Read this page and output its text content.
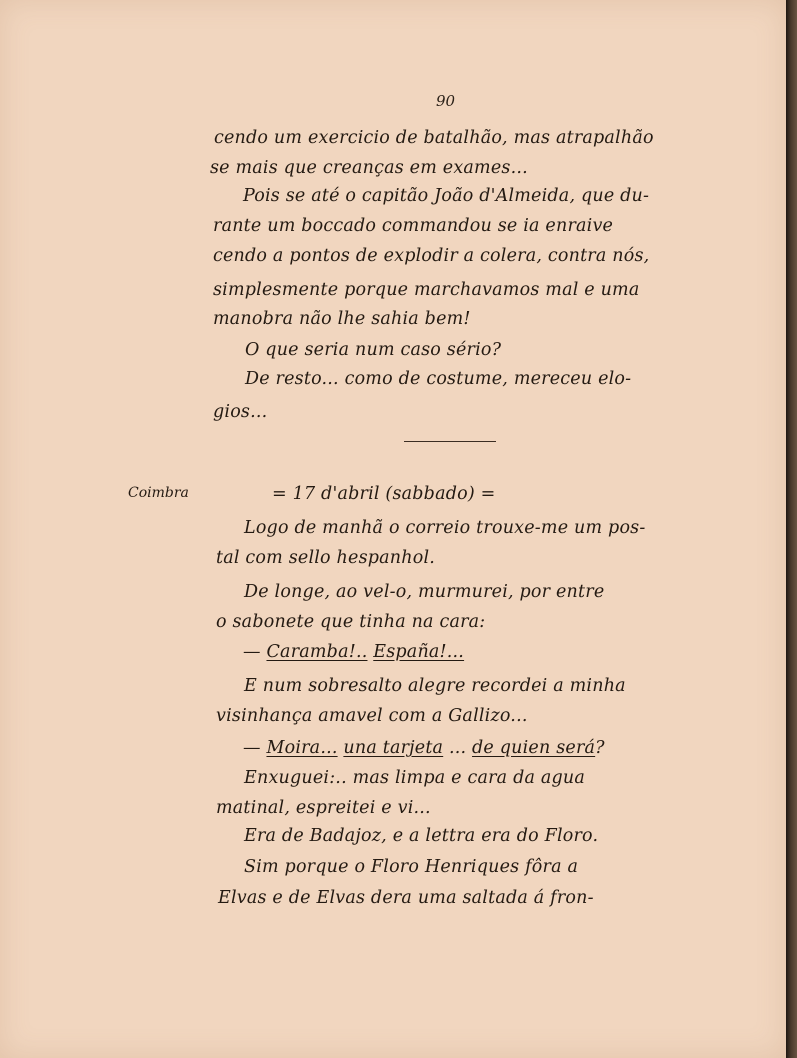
90
cendo um exercicio de batalhão, mas atrapalhão
se mais que creanças em exames...
Pois se até o capitão João d'Almeida, que du-
rante um boccado commandou se ia enraive
cendo a pontos de explodir a colera, contra nós,
simplesmente porque marchavamos mal e uma
manobra não lhe sahia bem!
O que seria num caso sério?
De resto... como de costume, mereceu elo-
gios...
Coimbra	= 17 d'abril (sabbado) =
Logo de manhã o correio trouxe-me um pos-
tal com sello hespanhol.
De longe, ao vel-o, murmurei, por entre
o sabonete que tinha na cara:
— Caramba!.. España!...
E num sobresalto alegre recordei a minha
visinhança amavel com a Gallizo...
— Moira... una tarjeta ... de quien será?
Enxuguei:.. mas limpa e cara da agua
matinal, espreitei e vi...
Era de Badajoz, e a lettra era do Floro.
Sim porque o Floro Henriques fôra a
Elvas e de Elvas dera uma saltada á fron-
